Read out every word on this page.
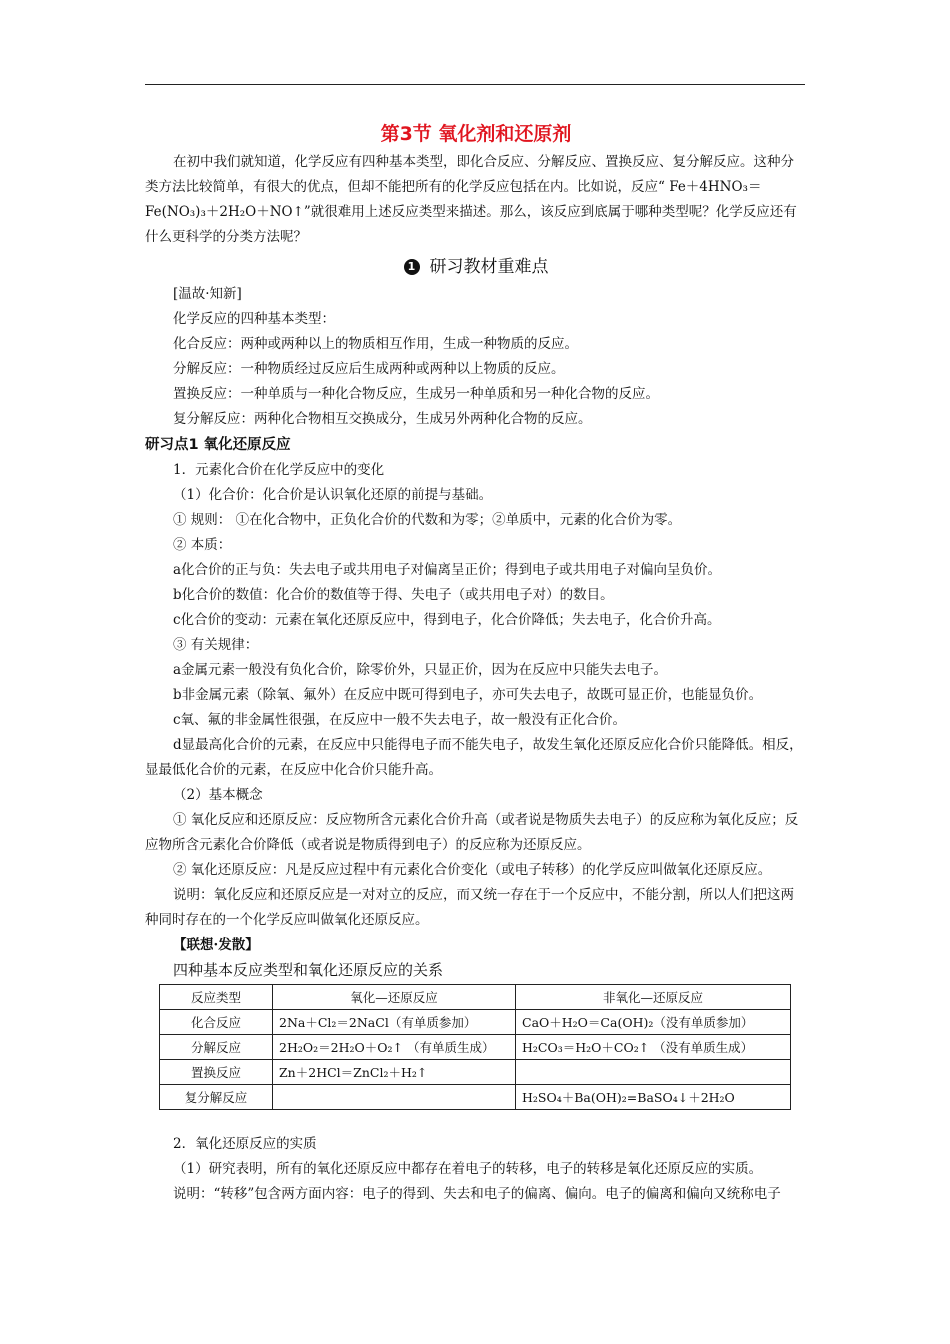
第3节 氧化剂和还原剂

在初中我们就知道，化学反应有四种基本类型，即化合反应、分解反应、置换反应、复分解反应。这种分类方法比较简单，有很大的优点，但却不能把所有的化学反应包括在内。比如说，反应“ Fe＋4HNO₃＝Fe(NO₃)₃＋2H₂O＋NO↑”就很难用上述反应类型来描述。那么，该反应到底属于哪种类型呢？化学反应还有什么更科学的分类方法呢？

1 研习教材重难点

[温故·知新]

化学反应的四种基本类型：

化合反应：两种或两种以上的物质相互作用，生成一种物质的反应。

分解反应：一种物质经过反应后生成两种或两种以上物质的反应。

置换反应：一种单质与一种化合物反应，生成另一种单质和另一种化合物的反应。

复分解反应：两种化合物相互交换成分，生成另外两种化合物的反应。

研习点1 氧化还原反应

1．元素化合价在化学反应中的变化

（1）化合价：化合价是认识氧化还原的前提与基础。

① 规则： ①在化合物中，正负化合价的代数和为零；②单质中，元素的化合价为零。

② 本质：

a化合价的正与负：失去电子或共用电子对偏离呈正价；得到电子或共用电子对偏向呈负价。

b化合价的数值：化合价的数值等于得、失电子（或共用电子对）的数目。

c化合价的变动：元素在氧化还原反应中，得到电子，化合价降低；失去电子，化合价升高。

③ 有关规律：

a金属元素一般没有负化合价，除零价外，只显正价，因为在反应中只能失去电子。

b非金属元素（除氧、氟外）在反应中既可得到电子，亦可失去电子，故既可显正价，也能显负价。

c氧、氟的非金属性很强，在反应中一般不失去电子，故一般没有正化合价。

d显最高化合价的元素，在反应中只能得电子而不能失电子，故发生氧化还原反应化合价只能降低。相反，显最低化合价的元素，在反应中化合价只能升高。

（2）基本概念

① 氧化反应和还原反应：反应物所含元素化合价升高（或者说是物质失去电子）的反应称为氧化反应；反应物所含元素化合价降低（或者说是物质得到电子）的反应称为还原反应。

② 氧化还原反应：凡是反应过程中有元素化合价变化（或电子转移）的化学反应叫做氧化还原反应。

说明：氧化反应和还原反应是一对对立的反应，而又统一存在于一个反应中，不能分割，所以人们把这两种同时存在的一个化学反应叫做氧化还原反应。

【联想·发散】

四种基本反应类型和氧化还原反应的关系
反应类型	氧化—还原反应	非氧化—还原反应
化合反应	2Na＋Cl₂＝2NaCl（有单质参加）	CaO＋H₂O＝Ca(OH)₂（没有单质参加）
分解反应	2H₂O₂＝2H₂O＋O₂↑ （有单质生成）	H₂CO₃＝H₂O＋CO₂↑ （没有单质生成）
置换反应	Zn＋2HCl＝ZnCl₂＋H₂↑	
复分解反应		H₂SO₄＋Ba(OH)₂=BaSO₄↓＋2H₂O

2．氧化还原反应的实质

（1）研究表明，所有的氧化还原反应中都存在着电子的转移，电子的转移是氧化还原反应的实质。

说明：“转移”包含两方面内容：电子的得到、失去和电子的偏离、偏向。电子的偏离和偏向又统称电子
